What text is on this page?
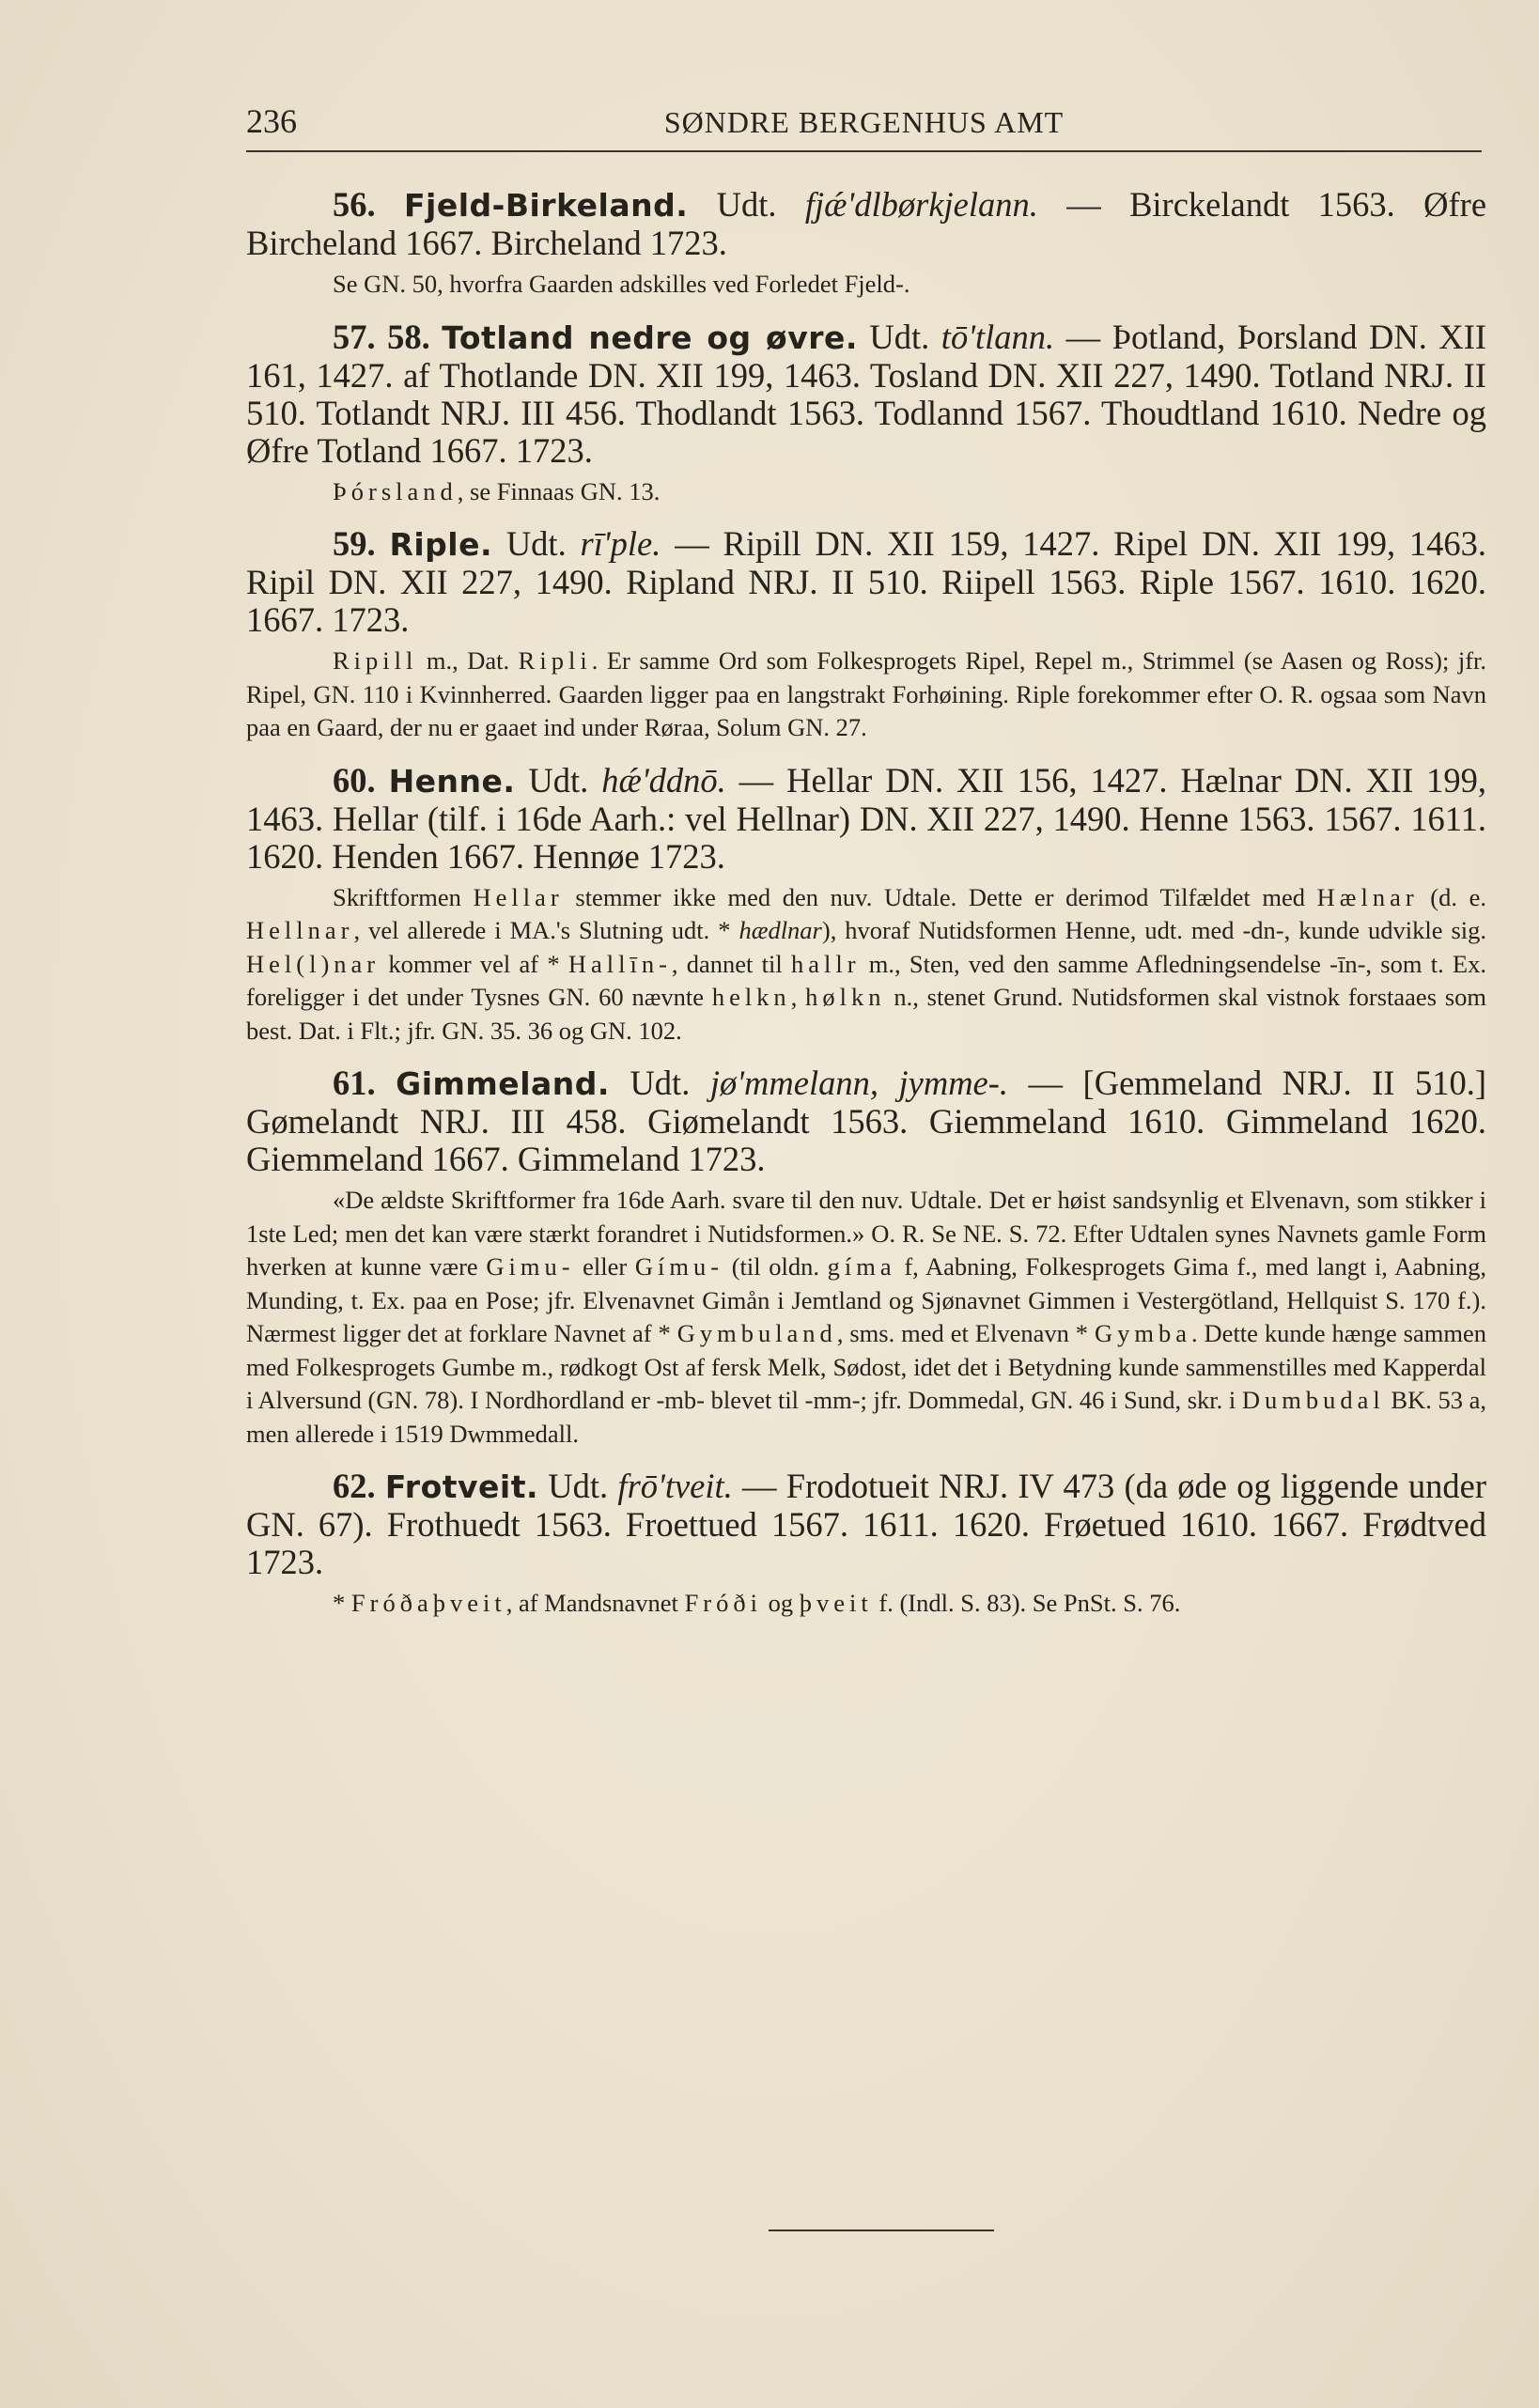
236	SØNDRE BERGENHUS AMT

56. Fjeld-Birkeland. Udt. fjǽ'dlbørkjelann. — Birckelandt 1563. Øfre Bircheland 1667. Bircheland 1723.

Se GN. 50, hvorfra Gaarden adskilles ved Forledet Fjeld-.

57. 58. Totland nedre og øvre. Udt. tō'tlann. — Þotland, Þorsland DN. XII 161, 1427. af Thotlande DN. XII 199, 1463. Tosland DN. XII 227, 1490. Totland NRJ. II 510. Totlandt NRJ. III 456. Thodlandt 1563. Todlannd 1567. Thoudtland 1610. Nedre og Øfre Totland 1667. 1723.

Þórsland, se Finnaas GN. 13.

59. Riple. Udt. rī'ple. — Ripill DN. XII 159, 1427. Ripel DN. XII 199, 1463. Ripil DN. XII 227, 1490. Ripland NRJ. II 510. Riipell 1563. Riple 1567. 1610. 1620. 1667. 1723.

Ripill m., Dat. Ripli. Er samme Ord som Folkesprogets Ripel, Repel m., Strimmel (se Aasen og Ross); jfr. Ripel, GN. 110 i Kvinnherred. Gaarden ligger paa en langstrakt Forhøining. Riple forekommer efter O. R. ogsaa som Navn paa en Gaard, der nu er gaaet ind under Røraa, Solum GN. 27.

60. Henne. Udt. hǽ'ddnō. — Hellar DN. XII 156, 1427. Hælnar DN. XII 199, 1463. Hellar (tilf. i 16de Aarh.: vel Hellnar) DN. XII 227, 1490. Henne 1563. 1567. 1611. 1620. Henden 1667. Hennøe 1723.

Skriftformen Hellar stemmer ikke med den nuv. Udtale. Dette er derimod Tilfældet med Hælnar (d. e. Hellnar, vel allerede i MA.'s Slutning udt. * hædlnar), hvoraf Nutidsformen Henne, udt. med -dn-, kunde udvikle sig. Hel(l)nar kommer vel af * Hallīn-, dannet til hallr m., Sten, ved den samme Afledningsendelse -īn-, som t. Ex. foreligger i det under Tysnes GN. 60 nævnte helkn, hølkn n., stenet Grund. Nutidsformen skal vistnok forstaaes som best. Dat. i Flt.; jfr. GN. 35. 36 og GN. 102.

61. Gimmeland. Udt. jø'mmelann, jymme-. — [Gemmeland NRJ. II 510.] Gømelandt NRJ. III 458. Giømelandt 1563. Giemmeland 1610. Gimmeland 1620. Giemmeland 1667. Gimmeland 1723.

«De ældste Skriftformer fra 16de Aarh. svare til den nuv. Udtale. Det er høist sandsynlig et Elvenavn, som stikker i 1ste Led; men det kan være stærkt forandret i Nutidsformen.» O. R. Se NE. S. 72. Efter Udtalen synes Navnets gamle Form hverken at kunne være Gimu- eller Gímu- (til oldn. gíma f, Aabning, Folkesprogets Gima f., med langt i, Aabning, Munding, t. Ex. paa en Pose; jfr. Elvenavnet Gimån i Jemtland og Sjønavnet Gimmen i Vestergötland, Hellquist S. 170 f.). Nærmest ligger det at forklare Navnet af * Gymbuland, sms. med et Elvenavn * Gymba. Dette kunde hænge sammen med Folkesprogets Gumbe m., rødkogt Ost af fersk Melk, Sødost, idet det i Betydning kunde sammenstilles med Kapperdal i Alversund (GN. 78). I Nordhordland er -mb- blevet til -mm-; jfr. Dommedal, GN. 46 i Sund, skr. i Dumbudal BK. 53 a, men allerede i 1519 Dwmmedall.

62. Frotveit. Udt. frō'tveit. — Frodotueit NRJ. IV 473 (da øde og liggende under GN. 67). Frothuedt 1563. Froettued 1567. 1611. 1620. Frøetued 1610. 1667. Frødtved 1723.

* Fróðaþveit, af Mandsnavnet Fróði og þveit f. (Indl. S. 83). Se PnSt. S. 76.
